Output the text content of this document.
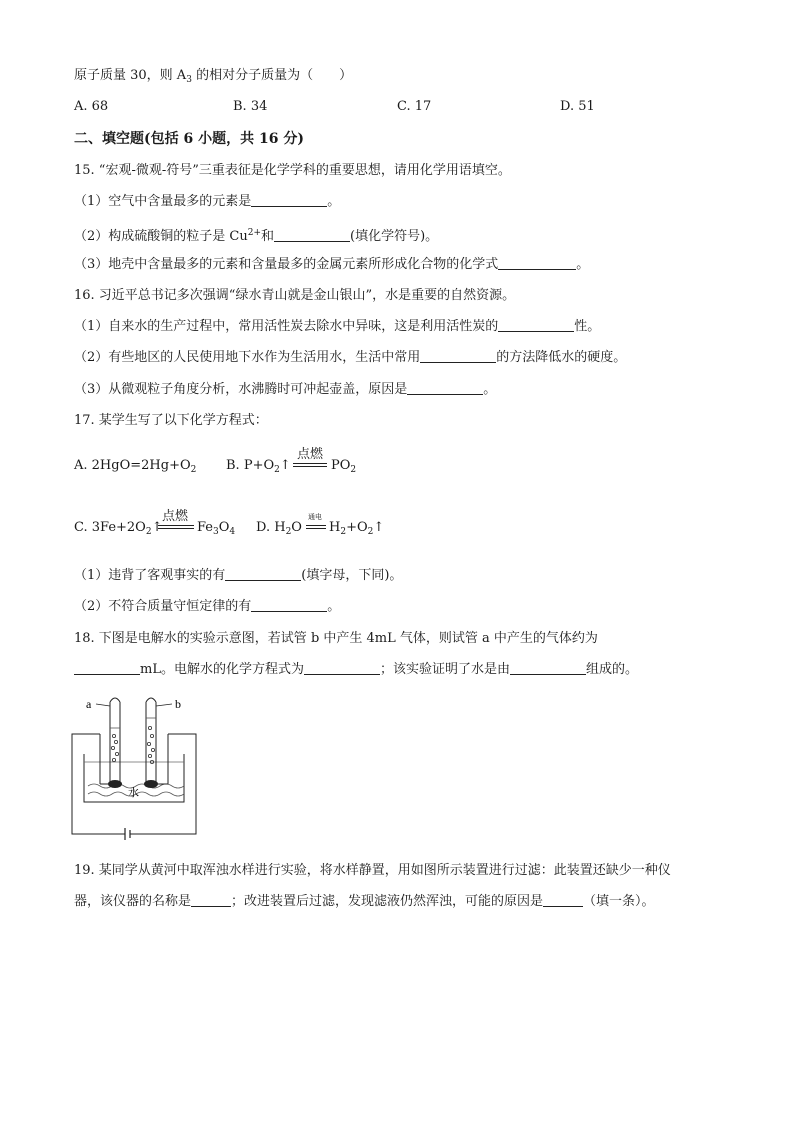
原子质量 30，则 $A_3$ 的相对分子质量为（　　）
A. 68	B. 34	C. 17	D. 51
二、填空题(包括 6 小题，共 16 分)
15. “宏观-微观-符号”三重表征是化学学科的重要思想，请用化学用语填空。
（1）空气中含量最多的元素是	。
（2）构成硫酸铜的粒子是 $Cu^{2+}$和	(填化学符号)。
（3）地壳中含量最多的元素和含量最多的金属元素所形成化合物的化学式	。
16. 习近平总书记多次强调“绿水青山就是金山银山”，水是重要的自然资源。
（1）自来水的生产过程中，常用活性炭去除水中异味，这是利用活性炭的	性。
（2）有些地区的人民使用地下水作为生活用水，生活中常用	的方法降低水的硬度。
（3）从微观粒子角度分析，水沸腾时可冲起壶盖，原因是	。
17. 某学生写了以下化学方程式：
A. $2HgO=2Hg+O_2$ B. $P+O_2↑$
点燃
$PO_2$
C. $3Fe+2O_2↑$
点燃
$Fe_3O_4$ D. $H_2O$
通电
$H_2+O_2↑$
（1）违背了客观事实的有	(填字母，下同)。
（2）不符合质量守恒定律的有	。
18. 下图是电解水的实验示意图，若试管 b 中产生 4mL 气体，则试管 a 中产生的气体约为
mL。电解水的化学方程式为	；该实验证明了水是由	组成的。
a	b
水
19. 某同学从黄河中取浑浊水样进行实验，将水样静置，用如图所示装置进行过滤：此装置还缺少一种仪
器，该仪器的名称是	；改进装置后过滤，发现滤液仍然浑浊，可能的原因是	（填一条）。
